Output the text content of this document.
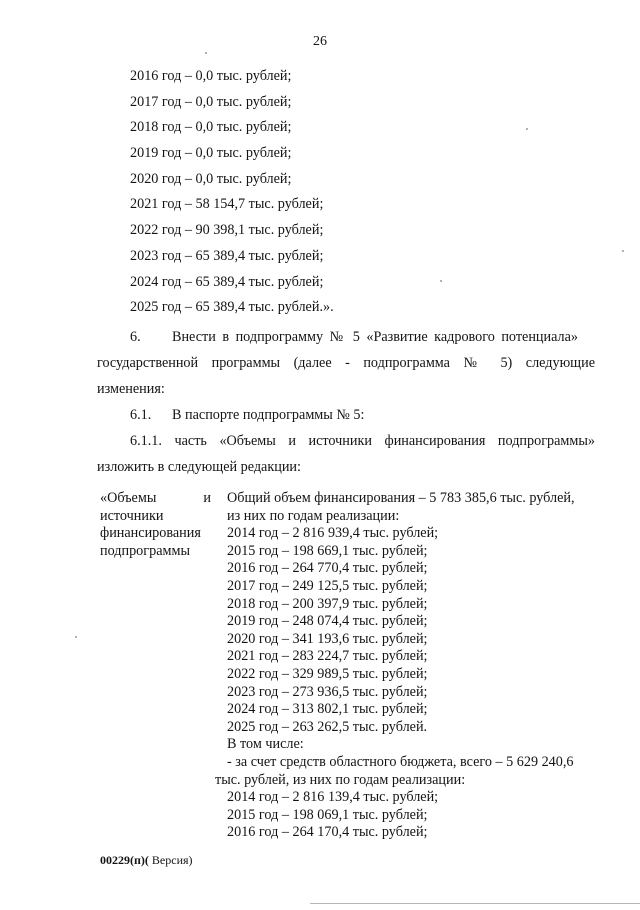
26
2016 год – 0,0 тыс. рублей;
2017 год – 0,0 тыс. рублей;
2018 год – 0,0 тыс. рублей;
2019 год – 0,0 тыс. рублей;
2020 год – 0,0 тыс. рублей;
2021 год – 58 154,7 тыс. рублей;
2022 год – 90 398,1 тыс. рублей;
2023 год – 65 389,4 тыс. рублей;
2024 год – 65 389,4 тыс. рублей;
2025 год – 65 389,4 тыс. рублей.».
6. Внести в подпрограмму № 5 «Развитие кадрового потенциала»
государственной программы (далее - подпрограмма № 5) следующие
изменения:
6.1. В паспорте подпрограммы № 5:
6.1.1. часть «Объемы и источники финансирования подпрограммы»
изложить в следующей редакции:
«Объемы и
источники
финансирования
подпрограммы
Общий объем финансирования – 5 783 385,6 тыс. рублей,
из них по годам реализации:
2014 год – 2 816 939,4 тыс. рублей;
2015 год – 198 669,1 тыс. рублей;
2016 год – 264 770,4 тыс. рублей;
2017 год – 249 125,5 тыс. рублей;
2018 год – 200 397,9 тыс. рублей;
2019 год – 248 074,4 тыс. рублей;
2020 год – 341 193,6 тыс. рублей;
2021 год – 283 224,7 тыс. рублей;
2022 год – 329 989,5 тыс. рублей;
2023 год – 273 936,5 тыс. рублей;
2024 год – 313 802,1 тыс. рублей;
2025 год – 263 262,5 тыс. рублей.
В том числе:
- за счет средств областного бюджета, всего – 5 629 240,6
тыс. рублей, из них по годам реализации:
2014 год – 2 816 139,4 тыс. рублей;
2015 год – 198 069,1 тыс. рублей;
2016 год – 264 170,4 тыс. рублей;
00229(п)( Версия)
